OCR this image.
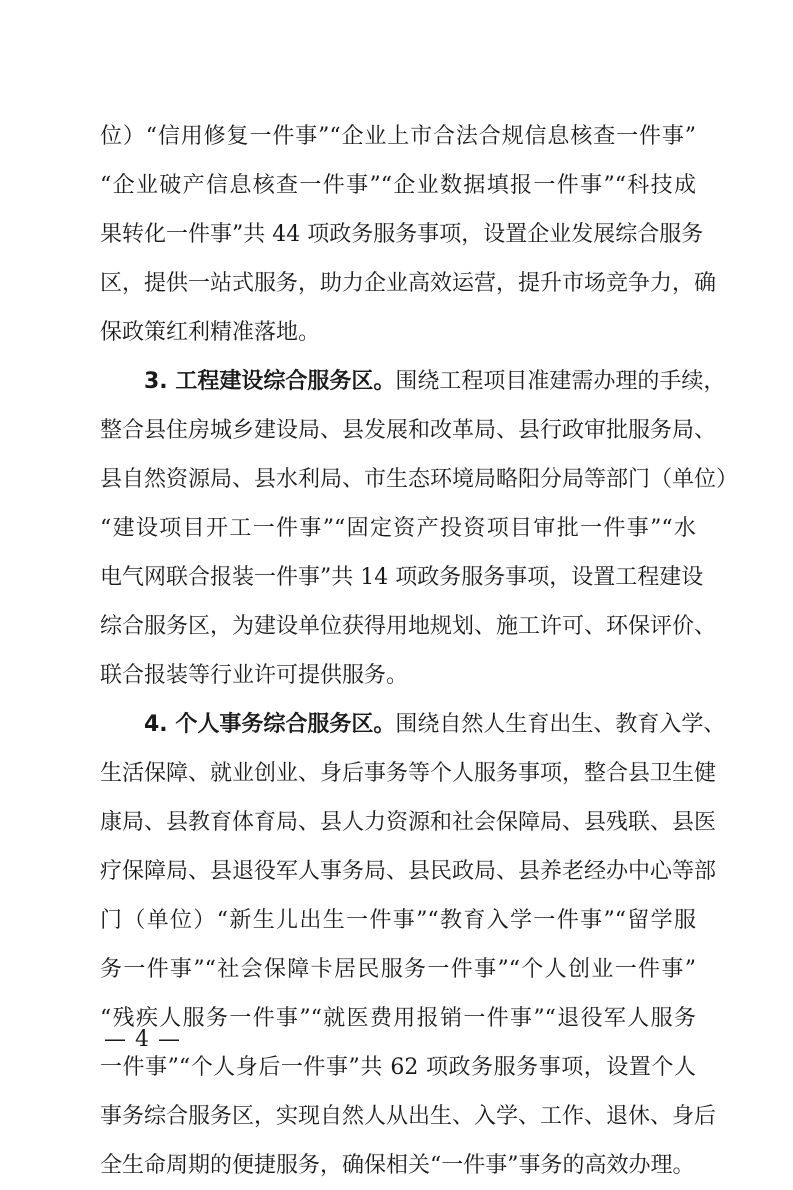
位）“信用修复一件事”“企业上市合法合规信息核查一件事”
“企业破产信息核查一件事”“企业数据填报一件事”“科技成
果转化一件事”共 44 项政务服务事项，设置企业发展综合服务
区，提供一站式服务，助力企业高效运营，提升市场竞争力，确
保政策红利精准落地。
3. 工程建设综合服务区。围绕工程项目准建需办理的手续，
整合县住房城乡建设局、县发展和改革局、县行政审批服务局、
县自然资源局、县水利局、市生态环境局略阳分局等部门（单位）
“建设项目开工一件事”“固定资产投资项目审批一件事”“水
电气网联合报装一件事”共 14 项政务服务事项，设置工程建设
综合服务区，为建设单位获得用地规划、施工许可、环保评价、
联合报装等行业许可提供服务。
4. 个人事务综合服务区。围绕自然人生育出生、教育入学、
生活保障、就业创业、身后事务等个人服务事项，整合县卫生健
康局、县教育体育局、县人力资源和社会保障局、县残联、县医
疗保障局、县退役军人事务局、县民政局、县养老经办中心等部
门（单位）“新生儿出生一件事”“教育入学一件事”“留学服
务一件事”“社会保障卡居民服务一件事”“个人创业一件事”
“残疾人服务一件事”“就医费用报销一件事”“退役军人服务
一件事”“个人身后一件事”共 62 项政务服务事项，设置个人
事务综合服务区，实现自然人从出生、入学、工作、退休、身后
全生命周期的便捷服务，确保相关“一件事”事务的高效办理。
— 4 —
